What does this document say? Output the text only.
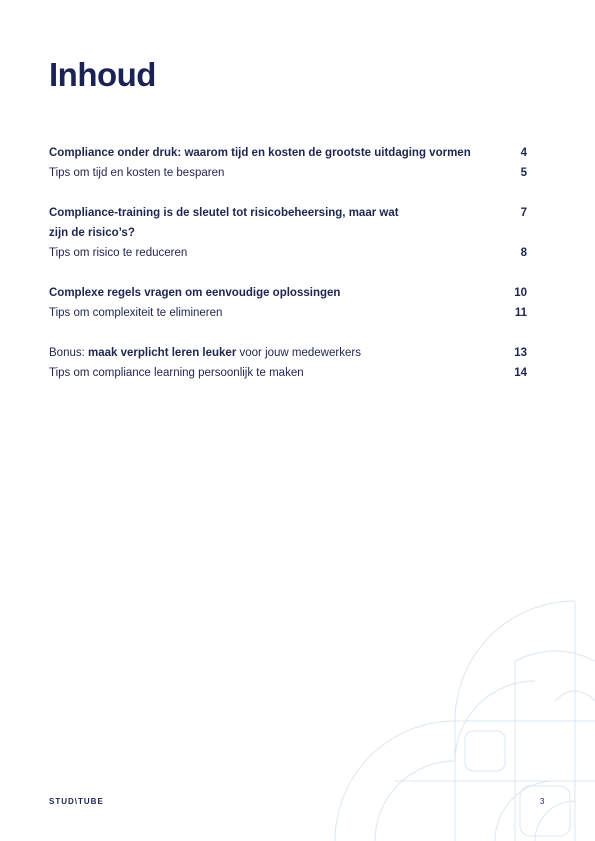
Inhoud
Compliance onder druk: waarom tijd en kosten de grootste uitdaging vormen	4
Tips om tijd en kosten te besparen	5
Compliance-training is de sleutel tot risicobeheersing, maar wat
zijn de risico’s?
7
Tips om risico te reduceren	8
Complexe regels vragen om eenvoudige oplossingen	10
Tips om complexiteit te elimineren	11
Bonus: maak verplicht leren leuker voor jouw medewerkers	13
Tips om compliance learning persoonlijk te maken	14
STUD\TUBE	3
